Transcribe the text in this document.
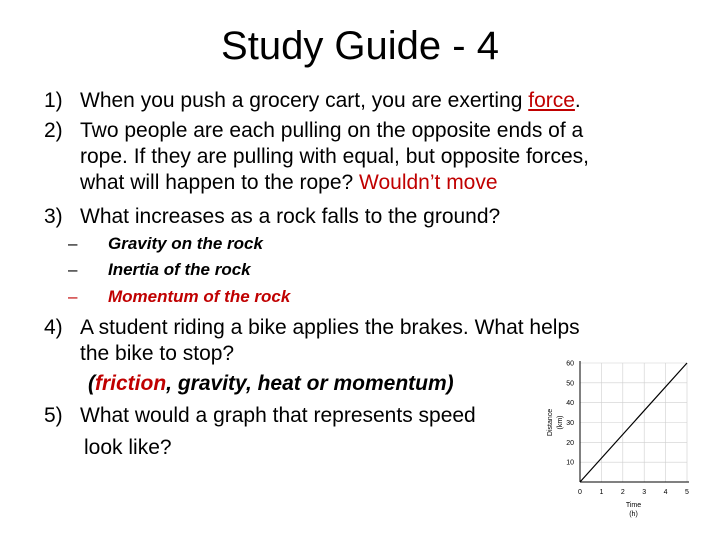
Study Guide - 4
1) When you push a grocery cart, you are exerting force.
2) Two people are each pulling on the opposite ends of a
rope. If they are pulling with equal, but opposite forces,
what will happen to the rope? Wouldn’t move
3) What increases as a rock falls to the ground?
– Gravity on the rock
– Inertia of the rock
– Momentum of the rock
4) A student riding a bike applies the brakes. What helps
the bike to stop?
(friction, gravity, heat or momentum)
5) What would a graph that represents speed
look like?
10
20
30
40
50
60
0 1 2 3 4 5
Time
(h)
Distance (km)
